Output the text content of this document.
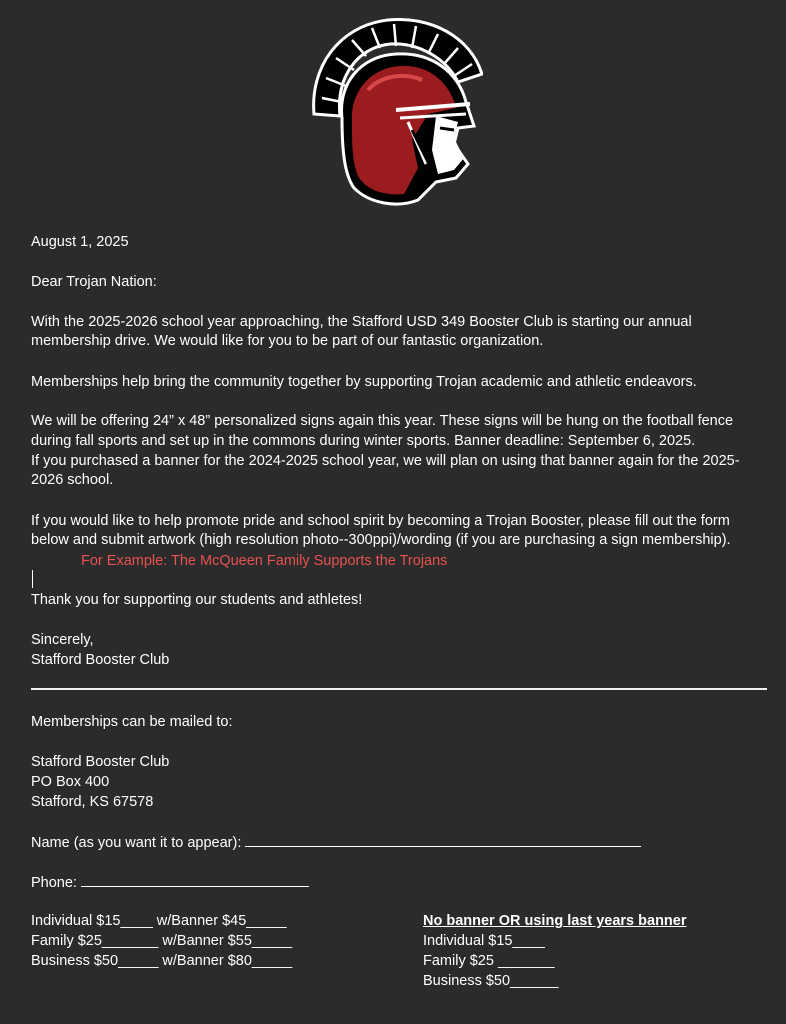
August 1, 2025
Dear Trojan Nation:
With the 2025-2026 school year approaching, the Stafford USD 349 Booster Club is starting our annual
membership drive. We would like for you to be part of our fantastic organization.
Memberships help bring the community together by supporting Trojan academic and athletic endeavors.
We will be offering 24” x 48” personalized signs again this year. These signs will be hung on the football fence
during fall sports and set up in the commons during winter sports. Banner deadline: September 6, 2025.
If you purchased a banner for the 2024-2025 school year, we will plan on using that banner again for the 2025-
2026 school.
If you would like to help promote pride and school spirit by becoming a Trojan Booster, please fill out the form
below and submit artwork (high resolution photo--300ppi)/wording (if you are purchasing a sign membership).
For Example: The McQueen Family Supports the Trojans
Thank you for supporting our students and athletes!
Sincerely,
Stafford Booster Club
Memberships can be mailed to:
Stafford Booster Club
PO Box 400
Stafford, KS 67578
Name (as you want it to appear):
Phone:
Individual $15____ w/Banner $45_____
Family $25_______ w/Banner $55_____
Business $50_____ w/Banner $80_____
No banner OR using last years banner
Individual $15____
Family $25 _______
Business $50______
